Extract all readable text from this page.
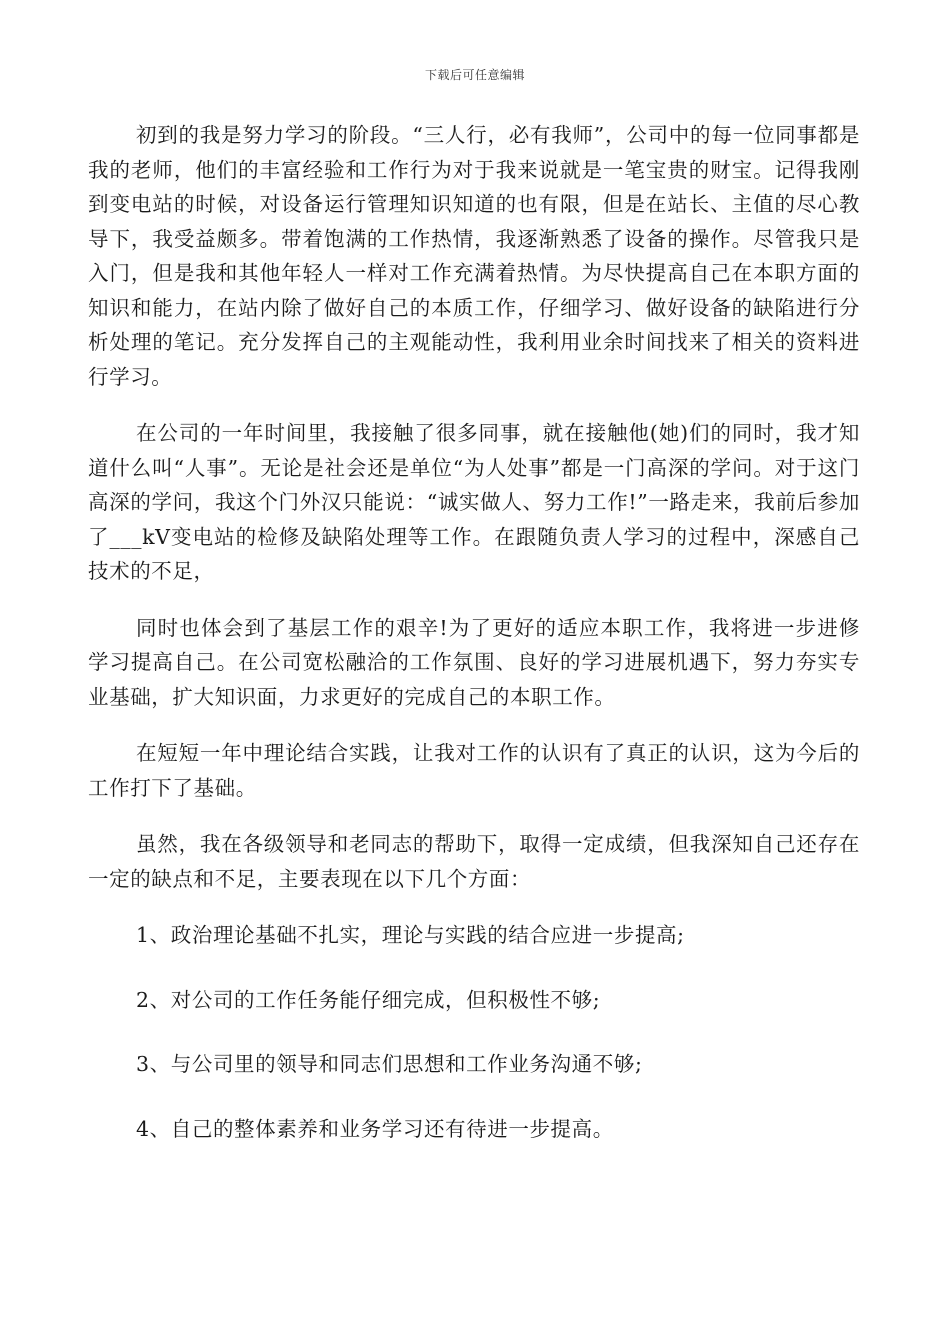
下载后可任意编辑

初到的我是努力学习的阶段。“三人行，必有我师”，公司中的每一位同事都是我的老师，他们的丰富经验和工作行为对于我来说就是一笔宝贵的财宝。记得我刚到变电站的时候，对设备运行管理知识知道的也有限，但是在站长、主值的尽心教导下，我受益颇多。带着饱满的工作热情，我逐渐熟悉了设备的操作。尽管我只是入门，但是我和其他年轻人一样对工作充满着热情。为尽快提高自己在本职方面的知识和能力，在站内除了做好自己的本质工作，仔细学习、做好设备的缺陷进行分析处理的笔记。充分发挥自己的主观能动性，我利用业余时间找来了相关的资料进行学习。

在公司的一年时间里，我接触了很多同事，就在接触他(她)们的同时，我才知道什么叫“人事”。无论是社会还是单位“为人处事”都是一门高深的学问。对于这门高深的学问，我这个门外汉只能说：“诚实做人、努力工作!”一路走来，我前后参加了___kV变电站的检修及缺陷处理等工作。在跟随负责人学习的过程中，深感自己技术的不足，

同时也体会到了基层工作的艰辛!为了更好的适应本职工作，我将进一步进修学习提高自己。在公司宽松融洽的工作氛围、良好的学习进展机遇下，努力夯实专业基础，扩大知识面，力求更好的完成自己的本职工作。

在短短一年中理论结合实践，让我对工作的认识有了真正的认识，这为今后的工作打下了基础。

虽然，我在各级领导和老同志的帮助下，取得一定成绩，但我深知自己还存在一定的缺点和不足，主要表现在以下几个方面：

1、政治理论基础不扎实，理论与实践的结合应进一步提高;

2、对公司的工作任务能仔细完成，但积极性不够;

3、与公司里的领导和同志们思想和工作业务沟通不够;

4、自己的整体素养和业务学习还有待进一步提高。
